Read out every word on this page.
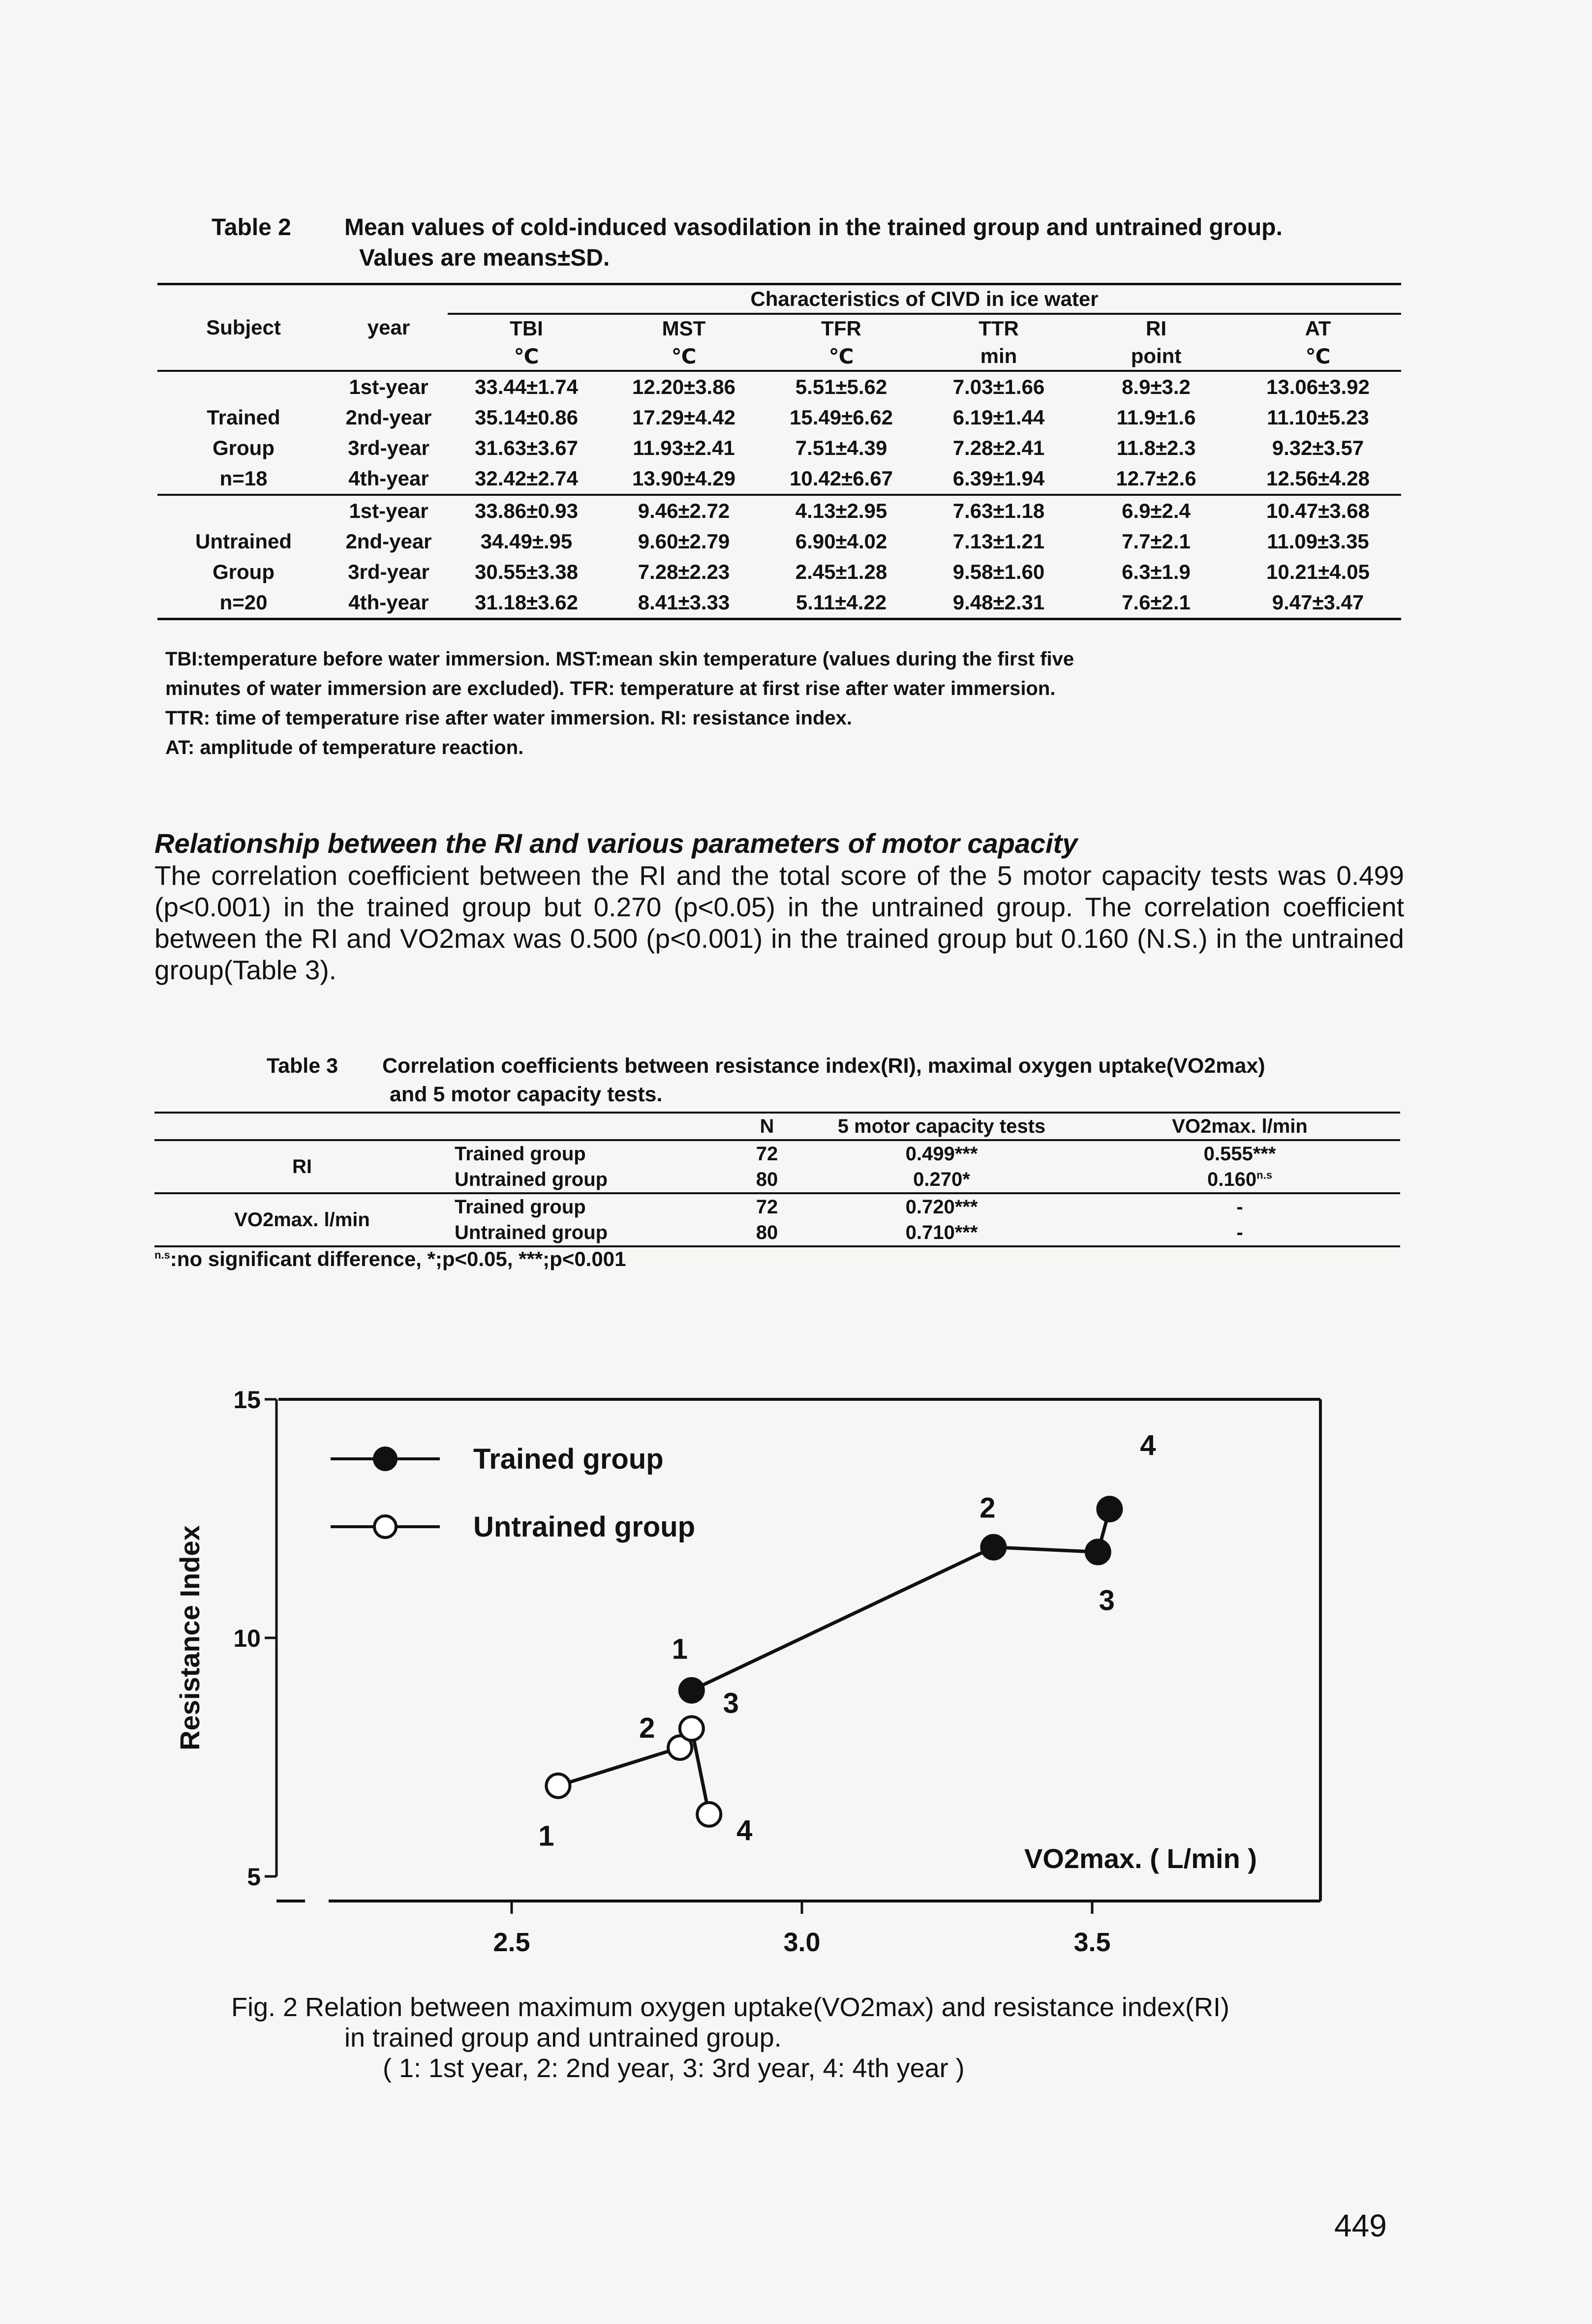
Table 2 Mean values of cold-induced vasodilation in the trained group and untrained group.
Values are means±SD.
Subject	year	Characteristics of CIVD in ice water					
		TBI	MST	TFR	TTR	RI	AT
		℃	℃	℃	min	point	℃
	1st-year	33.44±1.74	12.20±3.86	5.51±5.62	7.03±1.66	8.9±3.2	13.06±3.92
Trained	2nd-year	35.14±0.86	17.29±4.42	15.49±6.62	6.19±1.44	11.9±1.6	11.10±5.23
Group	3rd-year	31.63±3.67	11.93±2.41	7.51±4.39	7.28±2.41	11.8±2.3	9.32±3.57
n=18	4th-year	32.42±2.74	13.90±4.29	10.42±6.67	6.39±1.94	12.7±2.6	12.56±4.28
	1st-year	33.86±0.93	9.46±2.72	4.13±2.95	7.63±1.18	6.9±2.4	10.47±3.68
Untrained	2nd-year	34.49±.95	9.60±2.79	6.90±4.02	7.13±1.21	7.7±2.1	11.09±3.35
Group	3rd-year	30.55±3.38	7.28±2.23	2.45±1.28	9.58±1.60	6.3±1.9	10.21±4.05
n=20	4th-year	31.18±3.62	8.41±3.33	5.11±4.22	9.48±2.31	7.6±2.1	9.47±3.47
TBI:temperature before water immersion. MST:mean skin temperature (values during the first five
minutes of water immersion are excluded). TFR: temperature at first rise after water immersion.
TTR: time of temperature rise after water immersion. RI: resistance index.
AT: amplitude of temperature reaction.
Relationship between the RI and various parameters of motor capacity
The correlation coefficient between the RI and the total score of the 5 motor capacity tests was 0.499 (p<0.001) in the trained group but 0.270 (p<0.05) in the untrained group. The correlation coefficient between the RI and VO2max was 0.500 (p<0.001) in the trained group but 0.160 (N.S.) in the untrained group(Table 3).
Table 3 Correlation coefficients between resistance index(RI), maximal oxygen uptake(VO2max)
and 5 motor capacity tests.
		N	5 motor capacity tests	VO2max. l/min
RI	Trained group	72	0.499***	0.555***
	Untrained group	80	0.270*	$0.160^{n.s}$
VO2max. l/min	Trained group	72	0.720***	-
	Untrained group	80	0.710***	-
$^{n.s}$:no significant difference, *;p<0.05, ***;p<0.001
5
10
15
2.5	3.0	3.5
Resistance Index
VO2max. ( L/min )
Trained group
Untrained group
1
2
3
4
1
2
3
4
Fig. 2 Relation between maximum oxygen uptake(VO2max) and resistance index(RI)
in trained group and untrained group.
( 1: 1st year, 2: 2nd year, 3: 3rd year, 4: 4th year )
449
